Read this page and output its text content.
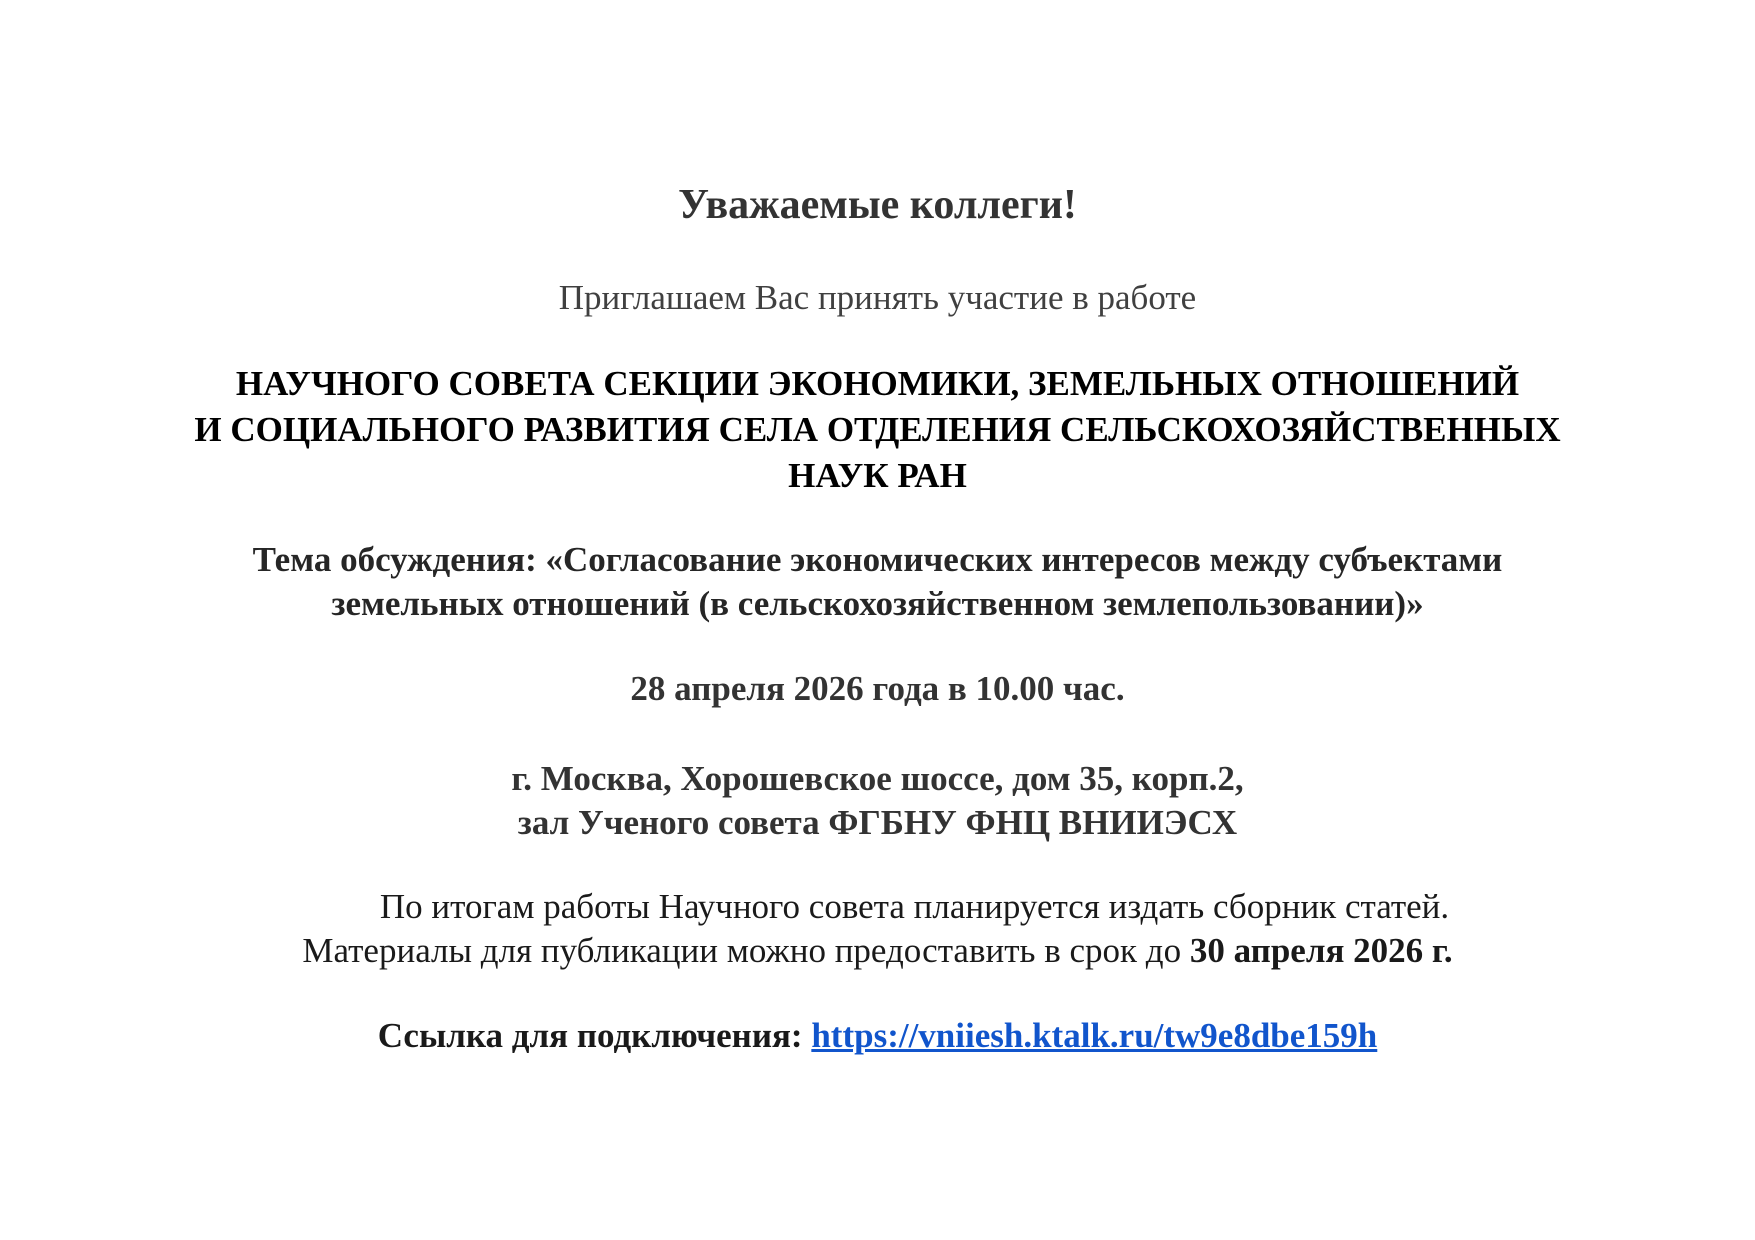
Уважаемые коллеги!

Приглашаем Вас принять участие в работе

НАУЧНОГО СОВЕТА СЕКЦИИ ЭКОНОМИКИ, ЗЕМЕЛЬНЫХ ОТНОШЕНИЙ

И СОЦИАЛЬНОГО РАЗВИТИЯ СЕЛА ОТДЕЛЕНИЯ СЕЛЬСКОХОЗЯЙСТВЕННЫХ

НАУК РАН

Тема обсуждения: «Согласование экономических интересов между субъектами

земельных отношений (в сельскохозяйственном землепользовании)»

28 апреля 2026 года в 10.00 час.

г. Москва, Хорошевское шоссе, дом 35, корп.2,

зал Ученого совета ФГБНУ ФНЦ ВНИИЭСХ

По итогам работы Научного совета планируется издать сборник статей.

Материалы для публикации можно предоставить в срок до 30 апреля 2026 г.

Ссылка для подключения: https://vniiesh.ktalk.ru/tw9e8dbe159h
